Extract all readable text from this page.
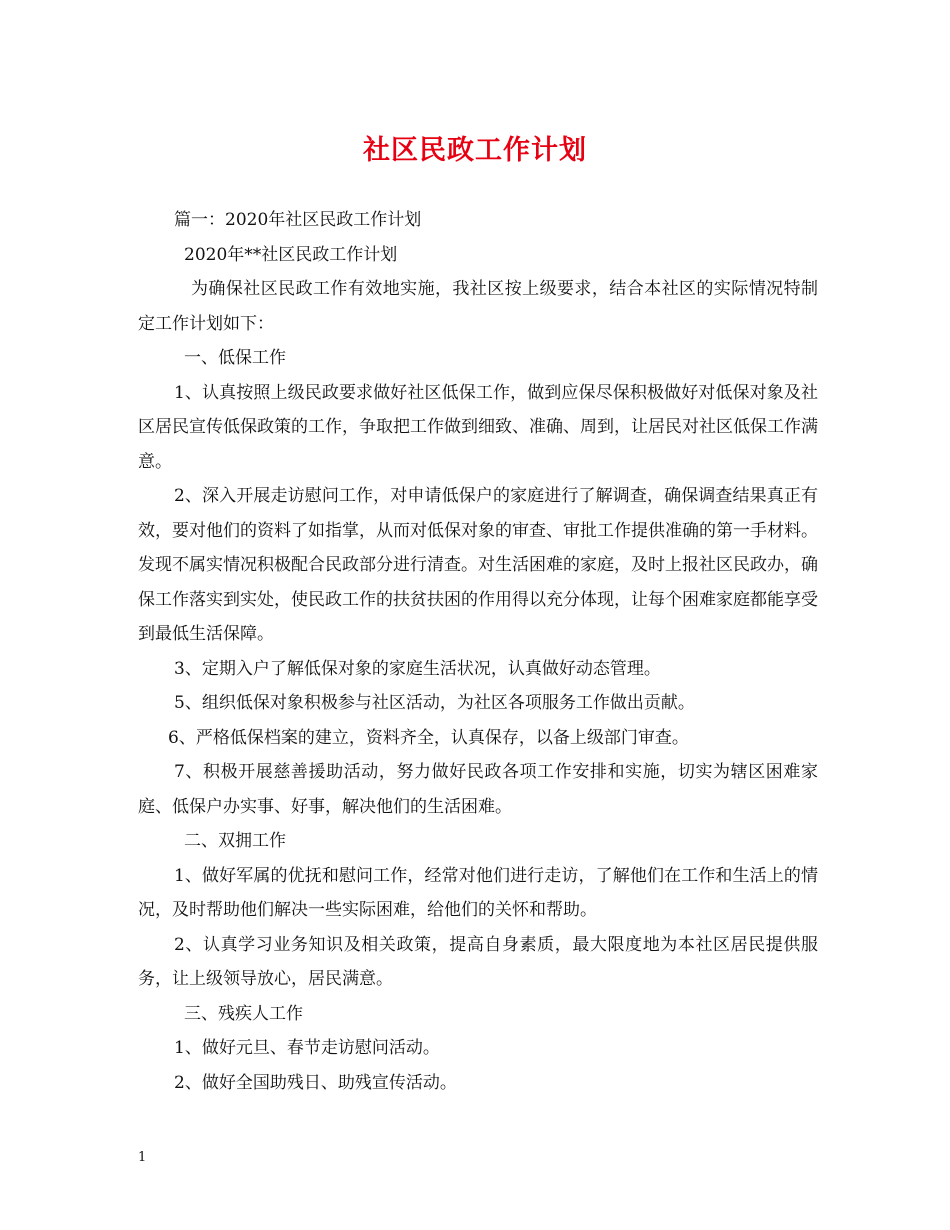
社区民政工作计划

篇一：2020年社区民政工作计划

2020年**社区民政工作计划

为确保社区民政工作有效地实施，我社区按上级要求，结合本社区的实际情况特制定工作计划如下：

一、低保工作

1、认真按照上级民政要求做好社区低保工作，做到应保尽保积极做好对低保对象及社区居民宣传低保政策的工作，争取把工作做到细致、准确、周到，让居民对社区低保工作满意。

2、深入开展走访慰问工作，对申请低保户的家庭进行了解调查，确保调查结果真正有效，要对他们的资料了如指掌，从而对低保对象的审查、审批工作提供准确的第一手材料。发现不属实情况积极配合民政部分进行清查。对生活困难的家庭，及时上报社区民政办，确保工作落实到实处，使民政工作的扶贫扶困的作用得以充分体现，让每个困难家庭都能享受到最低生活保障。

3、定期入户了解低保对象的家庭生活状况，认真做好动态管理。

5、组织低保对象积极参与社区活动，为社区各项服务工作做出贡献。

6、严格低保档案的建立，资料齐全，认真保存，以备上级部门审查。

7、积极开展慈善援助活动，努力做好民政各项工作安排和实施，切实为辖区困难家庭、低保户办实事、好事，解决他们的生活困难。

二、双拥工作

1、做好军属的优抚和慰问工作，经常对他们进行走访，了解他们在工作和生活上的情况，及时帮助他们解决一些实际困难，给他们的关怀和帮助。

2、认真学习业务知识及相关政策，提高自身素质，最大限度地为本社区居民提供服务，让上级领导放心，居民满意。

三、残疾人工作

1、做好元旦、春节走访慰问活动。

2、做好全国助残日、助残宣传活动。

1
